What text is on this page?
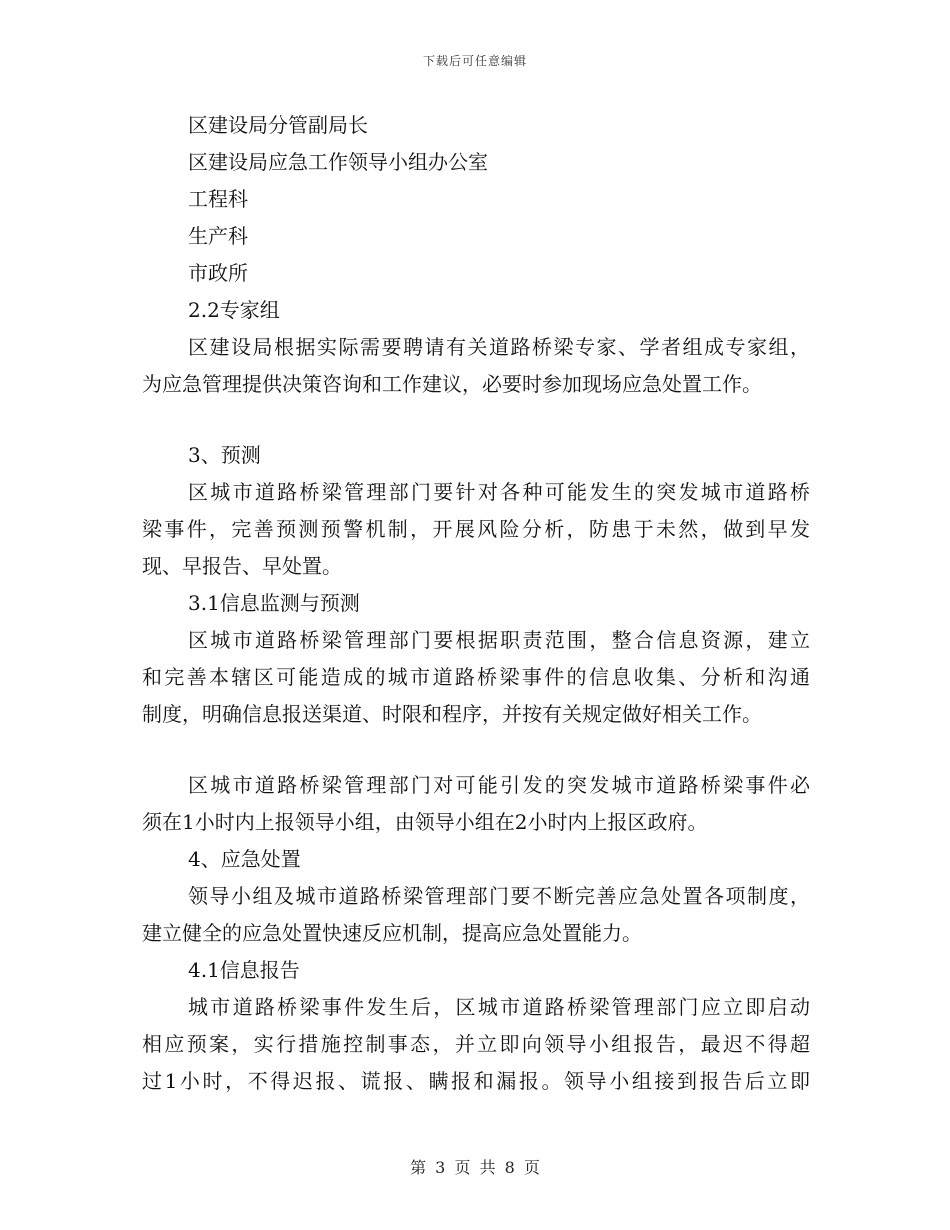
下载后可任意编辑
区建设局分管副局长
区建设局应急工作领导小组办公室
工程科
生产科
市政所
2.2专家组
区建设局根据实际需要聘请有关道路桥梁专家、学者组成专家组，
为应急管理提供决策咨询和工作建议，必要时参加现场应急处置工作。
3、预测
区城市道路桥梁管理部门要针对各种可能发生的突发城市道路桥
梁事件，完善预测预警机制，开展风险分析，防患于未然，做到早发
现、早报告、早处置。
3.1信息监测与预测
区城市道路桥梁管理部门要根据职责范围，整合信息资源，建立
和完善本辖区可能造成的城市道路桥梁事件的信息收集、分析和沟通
制度，明确信息报送渠道、时限和程序，并按有关规定做好相关工作。
区城市道路桥梁管理部门对可能引发的突发城市道路桥梁事件必
须在1小时内上报领导小组，由领导小组在2小时内上报区政府。
4、应急处置
领导小组及城市道路桥梁管理部门要不断完善应急处置各项制度，
建立健全的应急处置快速反应机制，提高应急处置能力。
4.1信息报告
城市道路桥梁事件发生后，区城市道路桥梁管理部门应立即启动
相应预案，实行措施控制事态，并立即向领导小组报告，最迟不得超
过1小时，不得迟报、谎报、瞒报和漏报。领导小组接到报告后立即
第 3 页 共 8 页
